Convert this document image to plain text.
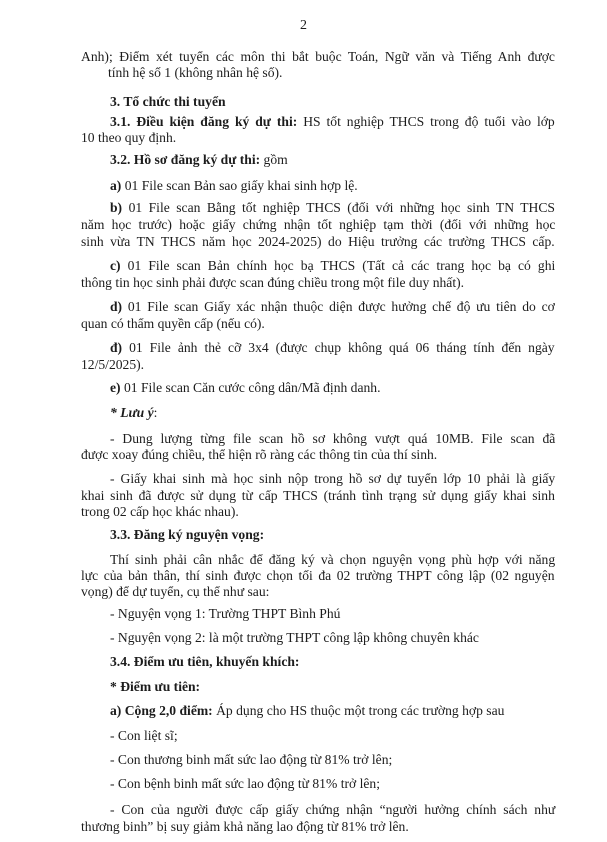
2
Anh); Điểm xét tuyển các môn thi bắt buộc Toán, Ngữ văn và Tiếng Anh được
tính hệ số 1 (không nhân hệ số).
3. Tổ chức thi tuyển
3.1. Điều kiện đăng ký dự thi: HS tốt nghiệp THCS trong độ tuổi vào lớp
10 theo quy định.
3.2. Hồ sơ đăng ký dự thi: gồm
a) 01 File scan Bản sao giấy khai sinh hợp lệ.
b) 01 File scan Bằng tốt nghiệp THCS (đối với những học sinh TN THCS
năm học trước) hoặc giấy chứng nhận tốt nghiệp tạm thời (đối với những học
sinh vừa TN THCS năm học 2024-2025) do Hiệu trưởng các trường THCS cấp.
c) 01 File scan Bản chính học bạ THCS (Tất cả các trang học bạ có ghi
thông tin học sinh phải được scan đúng chiều trong một file duy nhất).
d) 01 File scan Giấy xác nhận thuộc diện được hưởng chế độ ưu tiên do cơ
quan có thẩm quyền cấp (nếu có).
đ) 01 File ảnh thẻ cỡ 3x4 (được chụp không quá 06 tháng tính đến ngày
12/5/2025).
e) 01 File scan Căn cước công dân/Mã định danh.
* Lưu ý:
- Dung lượng từng file scan hồ sơ không vượt quá 10MB. File scan đã
được xoay đúng chiều, thể hiện rõ ràng các thông tin của thí sinh.
- Giấy khai sinh mà học sinh nộp trong hồ sơ dự tuyển lớp 10 phải là giấy
khai sinh đã được sử dụng từ cấp THCS (tránh tình trạng sử dụng giấy khai sinh
trong 02 cấp học khác nhau).
3.3. Đăng ký nguyện vọng:
Thí sinh phải cân nhắc để đăng ký và chọn nguyện vọng phù hợp với năng
lực của bản thân, thí sinh được chọn tối đa 02 trường THPT công lập (02 nguyện
vọng) để dự tuyển, cụ thể như sau:
- Nguyện vọng 1: Trường THPT Bình Phú
- Nguyện vọng 2: là một trường THPT công lập không chuyên khác
3.4. Điểm ưu tiên, khuyến khích:
* Điểm ưu tiên:
a) Cộng 2,0 điểm: Áp dụng cho HS thuộc một trong các trường hợp sau
- Con liệt sĩ;
- Con thương binh mất sức lao động từ 81% trở lên;
- Con bệnh binh mất sức lao động từ 81% trở lên;
- Con của người được cấp giấy chứng nhận “người hưởng chính sách như
thương binh” bị suy giảm khả năng lao động từ 81% trở lên.
